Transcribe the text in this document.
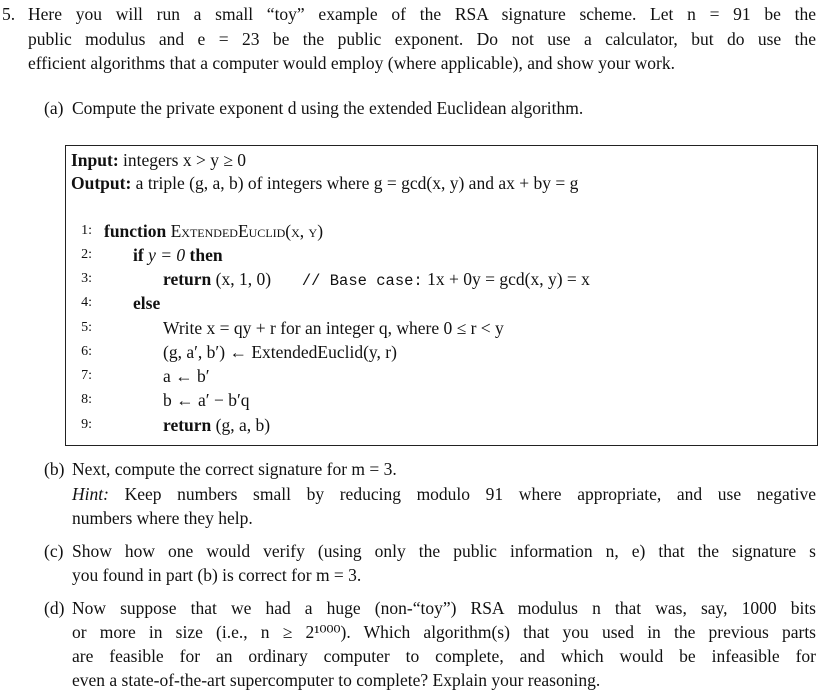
5. Here you will run a small “toy” example of the RSA signature scheme. Let n = 91 be the
public modulus and e = 23 be the public exponent. Do not use a calculator, but do use the
efficient algorithms that a computer would employ (where applicable), and show your work.
(a) Compute the private exponent d using the extended Euclidean algorithm.
Input: integers x > y ≥ 0
Output: a triple (g, a, b) of integers where g = gcd(x, y) and ax + by = g
1: function ExtendedEuclid(x, y)
2: if y = 0 then
3:	return (x, 1, 0) // Base case: 1x + 0y = gcd(x, y) = x
4: else
5:	Write x = qy + r for an integer q, where 0 ≤ r < y
6:	(g, a′, b′) ← ExtendedEuclid(y, r)
7:	a ← b′
8:	b ← a′ − b′q
9:	return (g, a, b)
(b) Next, compute the correct signature for m = 3.
Hint: Keep numbers small by reducing modulo 91 where appropriate, and use negative
numbers where they help.
(c) Show how one would verify (using only the public information n, e) that the signature s
you found in part (b) is correct for m = 3.
(d) Now suppose that we had a huge (non-“toy”) RSA modulus n that was, say, 1000 bits
or more in size (i.e., n ≥ 2¹⁰⁰⁰). Which algorithm(s) that you used in the previous parts
are feasible for an ordinary computer to complete, and which would be infeasible for
even a state-of-the-art supercomputer to complete? Explain your reasoning.
